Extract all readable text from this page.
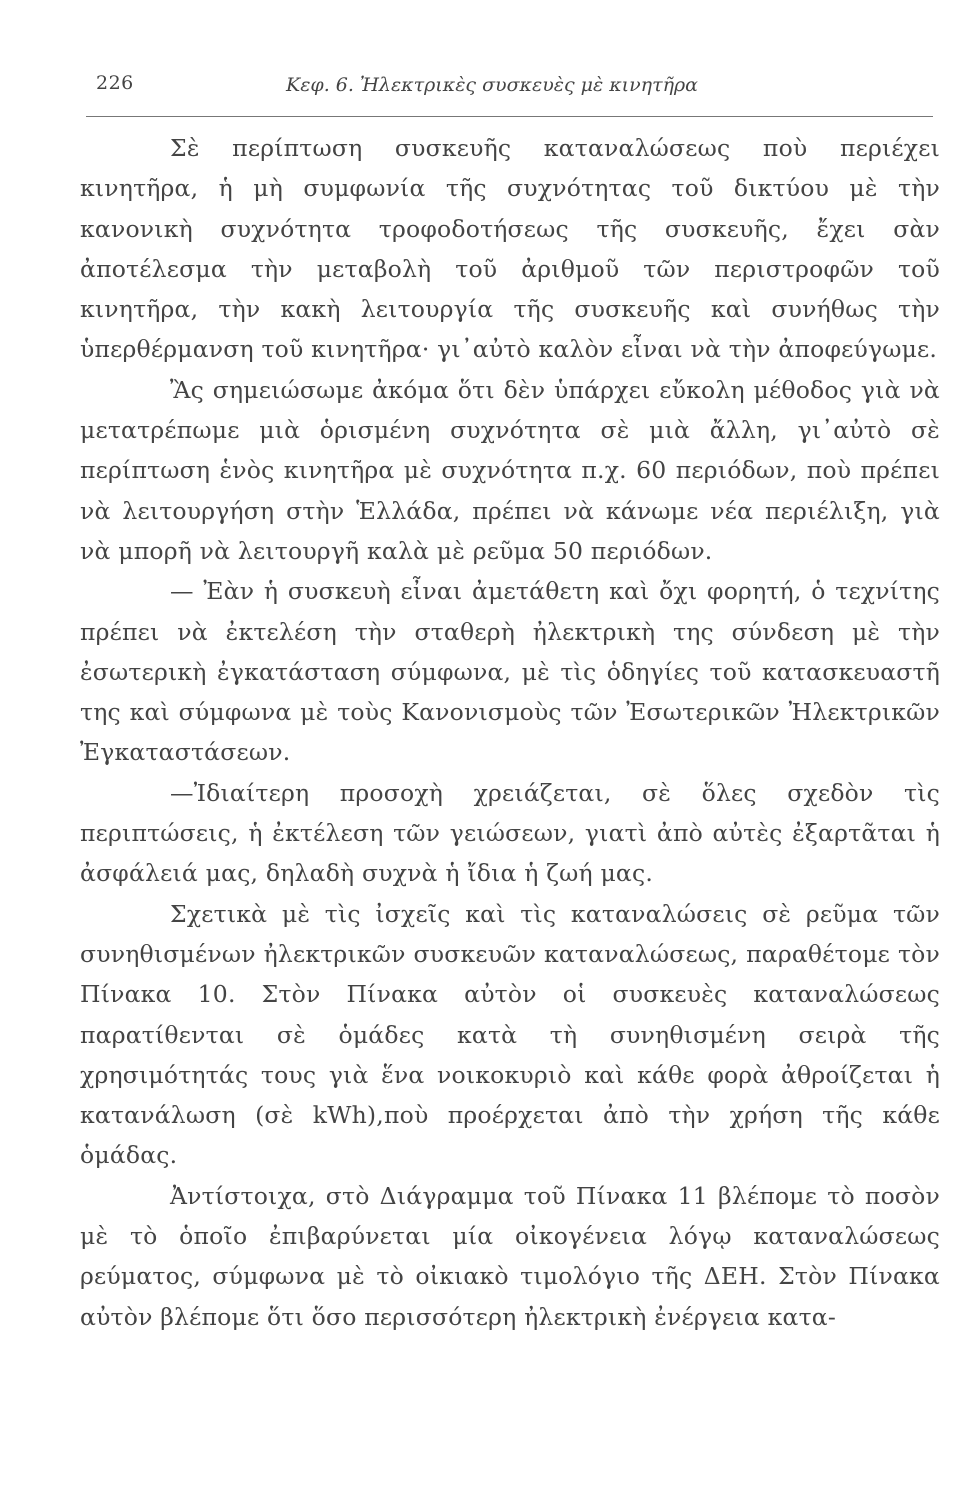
226	Κεφ. 6. Ἠλεκτρικὲς συσκευὲς μὲ κινητῆρα

Σὲ περίπτωση συσκευῆς καταναλώσεως ποὺ περιέχει κινητῆρα, ἡ μὴ συμφωνία τῆς συχνότητας τοῦ δικτύου μὲ τὴν κανονικὴ συχνότητα τροφοδοτήσεως τῆς συσκευῆς, ἔχει σὰν ἀποτέλεσμα τὴν μεταβολὴ τοῦ ἀριθμοῦ τῶν περιστροφῶν τοῦ κινητῆρα, τὴν κακὴ λειτουργία τῆς συσκευῆς καὶ συνήθως τὴν ὑπερθέρμανση τοῦ κινητῆρα· γι᾽αὐτὸ καλὸν εἶναι νὰ τὴν ἀποφεύγωμε.

Ἂς σημειώσωμε ἀκόμα ὅτι δὲν ὑπάρχει εὔκολη μέθοδος γιὰ νὰ μετατρέπωμε μιὰ ὁρισμένη συχνότητα σὲ μιὰ ἄλλη, γι᾽αὐτὸ σὲ περίπτωση ἑνὸς κινητῆρα μὲ συχνότητα π.χ. 60 περιόδων, ποὺ πρέπει νὰ λειτουργήση στὴν Ἑλλάδα, πρέπει νὰ κάνωμε νέα περιέλιξη, γιὰ νὰ μπορῆ νὰ λειτουργῆ καλὰ μὲ ρεῦμα 50 περιόδων.

— Ἐὰν ἡ συσκευὴ εἶναι ἀμετάθετη καὶ ὄχι φορητή, ὁ τεχνίτης πρέπει νὰ ἐκτελέση τὴν σταθερὴ ἠλεκτρικὴ της σύνδεση μὲ τὴν ἐσωτερικὴ ἐγκατάσταση σύμφωνα, μὲ τὶς ὁδηγίες τοῦ κατασκευαστῆ της καὶ σύμφωνα μὲ τοὺς Κανονισμοὺς τῶν Ἐσωτερικῶν Ἠλεκτρικῶν Ἐγκαταστάσεων.

—Ἰδιαίτερη προσοχὴ χρειάζεται, σὲ ὅλες σχεδὸν τὶς περιπτώσεις, ἡ ἐκτέλεση τῶν γειώσεων, γιατὶ ἀπὸ αὐτὲς ἐξαρτᾶται ἡ ἀσφάλειά μας, δηλαδὴ συχνὰ ἡ ἴδια ἡ ζωή μας.

Σχετικὰ μὲ τὶς ἰσχεῖς καὶ τὶς καταναλώσεις σὲ ρεῦμα τῶν συνηθισμένων ἠλεκτρικῶν συσκευῶν καταναλώσεως, παραθέτομε τὸν Πίνακα 10. Στὸν Πίνακα αὐτὸν οἱ συσκευὲς καταναλώσεως παρατίθενται σὲ ὁμάδες κατὰ τὴ συνηθισμένη σειρὰ τῆς χρησιμότητάς τους γιὰ ἕνα νοικοκυριὸ καὶ κάθε φορὰ ἀθροίζεται ἡ κατανάλωση (σὲ kWh),ποὺ προέρχεται ἀπὸ τὴν χρήση τῆς κάθε ὁμάδας.

Ἀντίστοιχα, στὸ Διάγραμμα τοῦ Πίνακα 11 βλέπομε τὸ ποσὸν μὲ τὸ ὁποῖο ἐπιβαρύνεται μία οἰκογένεια λόγῳ καταναλώσεως ρεύματος, σύμφωνα μὲ τὸ οἰκιακὸ τιμολόγιο τῆς ΔΕΗ. Στὸν Πίνακα αὐτὸν βλέπομε ὅτι ὅσο περισσότερη ἠλεκτρικὴ ἐνέργεια κατα-
